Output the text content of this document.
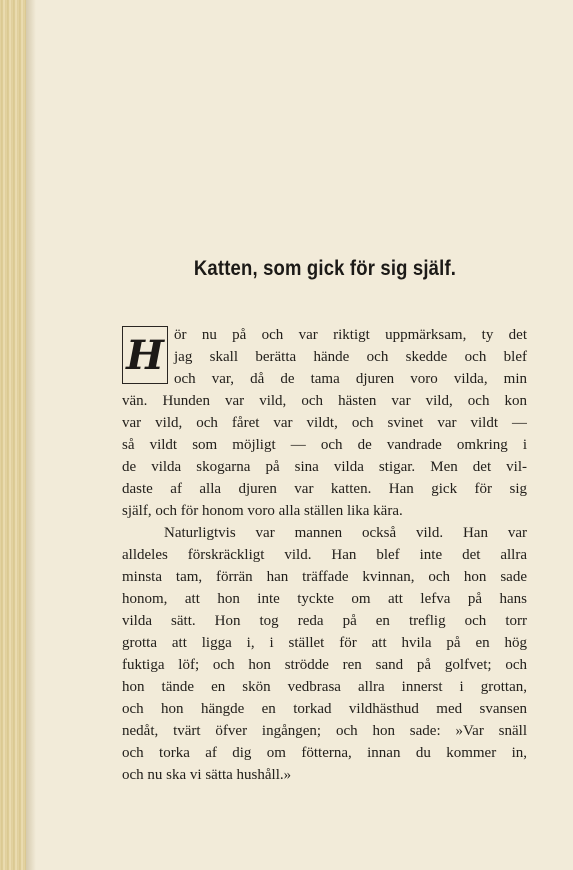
Katten, som gick för sig själf.
H ör nu på och var riktigt uppmärksam, ty det
jag skall berätta hände och skedde och blef
och var, då de tama djuren voro vilda, min
vän. Hunden var vild, och hästen var vild, och kon
var vild, och fåret var vildt, och svinet var vildt —
så vildt som möjligt — och de vandrade omkring i
de vilda skogarna på sina vilda stigar. Men det vil-
daste af alla djuren var katten. Han gick för sig
själf, och för honom voro alla ställen lika kära.
Naturligtvis var mannen också vild. Han var
alldeles förskräckligt vild. Han blef inte det allra
minsta tam, förrän han träffade kvinnan, och hon sade
honom, att hon inte tyckte om att lefva på hans
vilda sätt. Hon tog reda på en treflig och torr
grotta att ligga i, i stället för att hvila på en hög
fuktiga löf; och hon strödde ren sand på golfvet; och
hon tände en skön vedbrasa allra innerst i grottan,
och hon hängde en torkad vildhästhud med svansen
nedåt, tvärt öfver ingången; och hon sade: »Var snäll
och torka af dig om fötterna, innan du kommer in,
och nu ska vi sätta hushåll.»
